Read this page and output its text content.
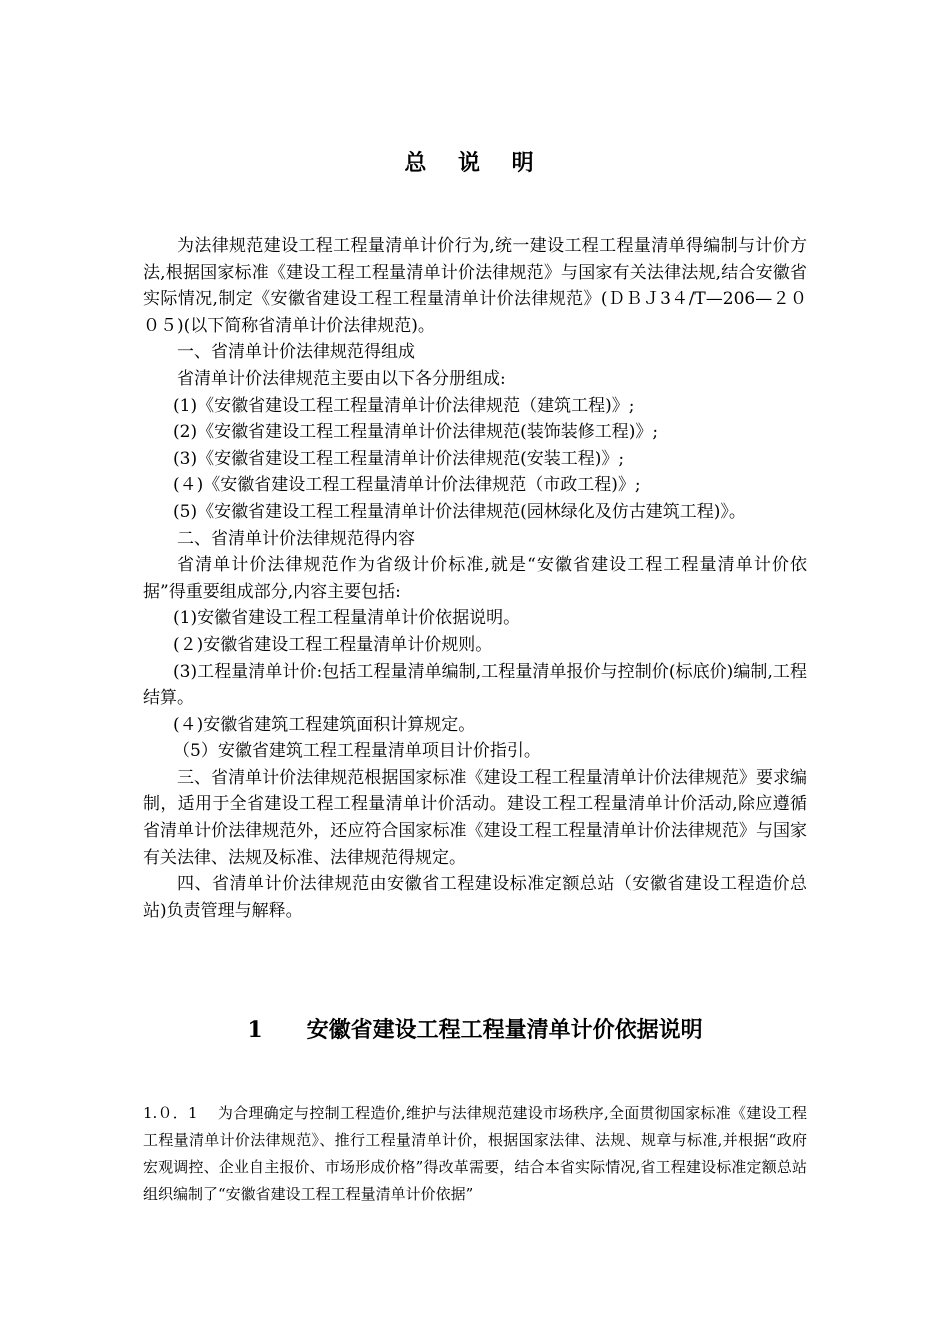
总 说 明

为法律规范建设工程工程量清单计价行为,统一建设工程工程量清单得编制与计价方法,根据国家标准《建设工程工程量清单计价法律规范》与国家有关法律法规,结合安徽省实际情况,制定《安徽省建设工程工程量清单计价法律规范》(ＤＢＪ3４/T—206—２００５)(以下简称省清单计价法律规范)。

一、省清单计价法律规范得组成

省清单计价法律规范主要由以下各分册组成:

(1)《安徽省建设工程工程量清单计价法律规范（建筑工程)》;

(2)《安徽省建设工程工程量清单计价法律规范(装饰装修工程)》;

(3)《安徽省建设工程工程量清单计价法律规范(安装工程)》;

(４)《安徽省建设工程工程量清单计价法律规范（市政工程)》;

(5)《安徽省建设工程工程量清单计价法律规范(园林绿化及仿古建筑工程)》。

二、省清单计价法律规范得内容

省清单计价法律规范作为省级计价标准,就是“安徽省建设工程工程量清单计价依据”得重要组成部分,内容主要包括:

(1)安徽省建设工程工程量清单计价依据说明。

(２)安徽省建设工程工程量清单计价规则。

(3)工程量清单计价:包括工程量清单编制,工程量清单报价与控制价(标底价)编制,工程结算。

(４)安徽省建筑工程建筑面积计算规定。

（5）安徽省建筑工程工程量清单项目计价指引。

三、省清单计价法律规范根据国家标准《建设工程工程量清单计价法律规范》要求编制，适用于全省建设工程工程量清单计价活动。建设工程工程量清单计价活动,除应遵循省清单计价法律规范外，还应符合国家标准《建设工程工程量清单计价法律规范》与国家有关法律、法规及标准、法律规范得规定。

四、省清单计价法律规范由安徽省工程建设标准定额总站（安徽省建设工程造价总站)负责管理与解释。

1 安徽省建设工程工程量清单计价依据说明

1.０．1 为合理确定与控制工程造价,维护与法律规范建设市场秩序,全面贯彻国家标准《建设工程工程量清单计价法律规范》、推行工程量清单计价，根据国家法律、法规、规章与标准,并根据“政府宏观调控、企业自主报价、市场形成价格”得改革需要，结合本省实际情况,省工程建设标准定额总站组织编制了“安徽省建设工程工程量清单计价依据”
